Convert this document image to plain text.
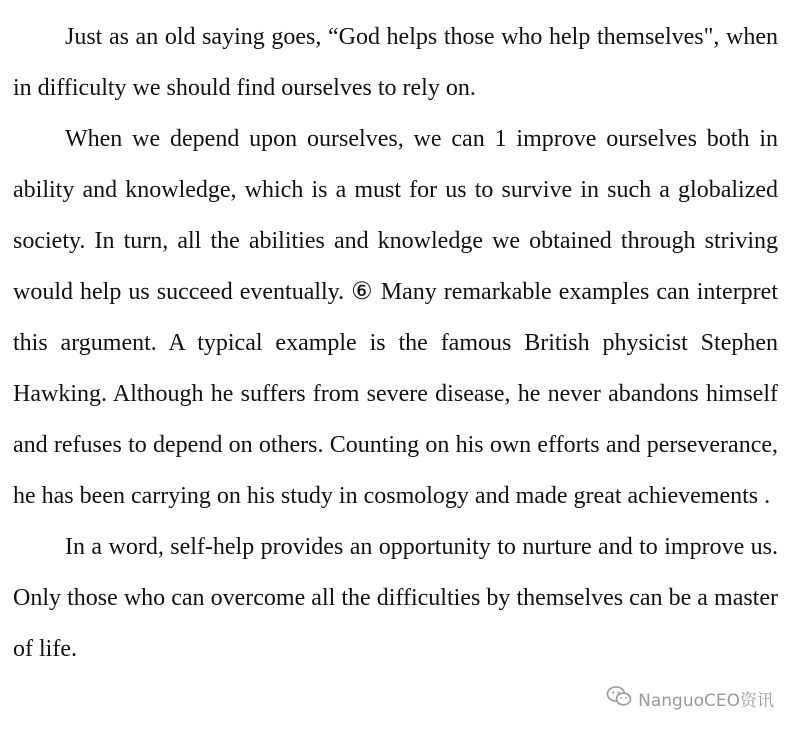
Just as an old saying goes, “God helps those who help themselves", when in difficulty we should find ourselves to rely on.

When we depend upon ourselves, we can 1 improve ourselves both in ability and knowledge, which is a must for us to survive in such a globalized society. In turn, all the abilities and knowledge we obtained through striving would help us succeed eventually. ⑥ Many remarkable examples can interpret this argument. A typical example is the famous British physicist Stephen Hawking. Although he suffers from severe disease, he never abandons himself and refuses to depend on others. Counting on his own efforts and perseverance, he has been carrying on his study in cosmology and made great achievements .

In a word, self-help provides an opportunity to nurture and to improve us. Only those who can overcome all the difficulties by themselves can be a master of life.

NanguoCEO资讯
